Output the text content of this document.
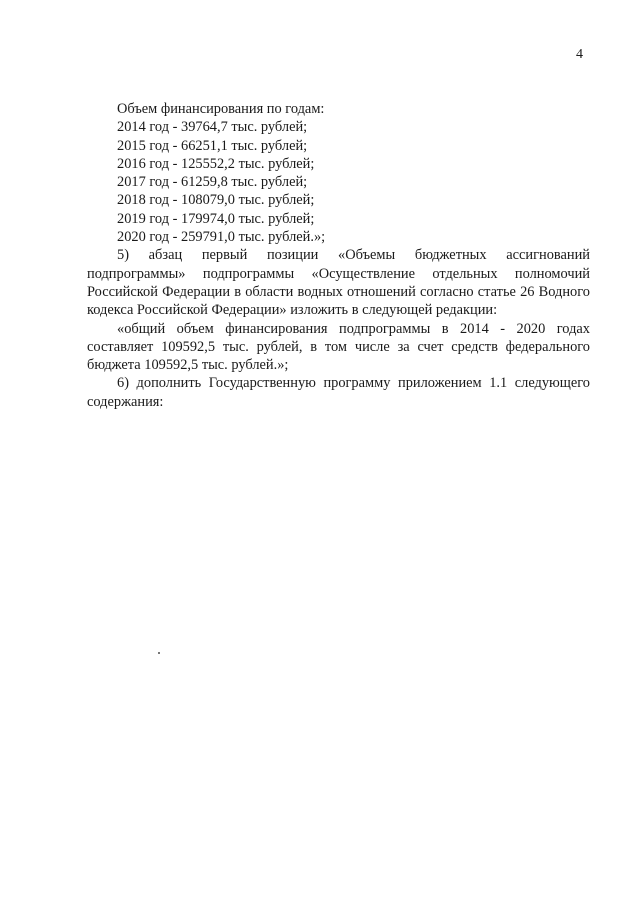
4

Объем финансирования по годам:

2014 год - 39764,7 тыс. рублей;
2015 год - 66251,1 тыс. рублей;
2016 год - 125552,2 тыс. рублей;
2017 год - 61259,8 тыс. рублей;
2018 год - 108079,0 тыс. рублей;
2019 год - 179974,0 тыс. рублей;
2020 год - 259791,0 тыс. рублей.»;

5) абзац первый позиции «Объемы бюджетных ассигнований подпрограммы» подпрограммы «Осуществление отдельных полномочий Российской Федерации в области водных отношений согласно статье 26 Водного кодекса Российской Федерации» изложить в следующей редакции:

«общий объем финансирования подпрограммы в 2014 - 2020 годах составляет 109592,5 тыс. рублей, в том числе за счет средств федерального бюджета 109592,5 тыс. рублей.»;

6) дополнить Государственную программу приложением 1.1 следующего содержания:
